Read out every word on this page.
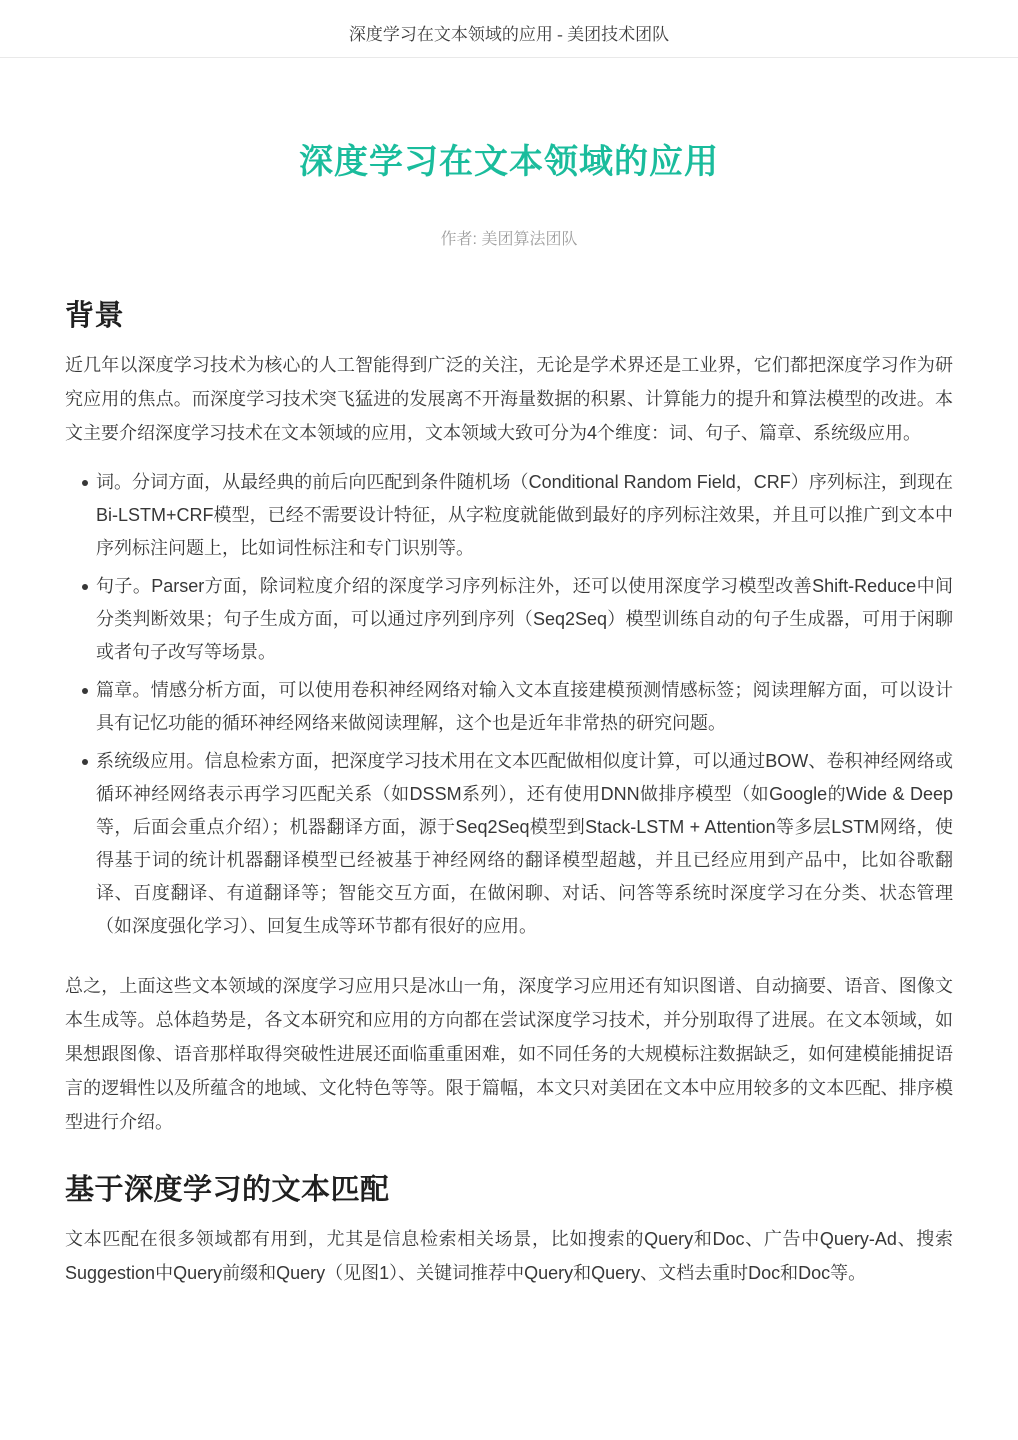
深度学习在文本领域的应用 - 美团技术团队
深度学习在文本领域的应用
作者: 美团算法团队
背景

近几年以深度学习技术为核心的人工智能得到广泛的关注，无论是学术界还是工业界，它们都把深度学习作为研究应用的焦点。而深度学习技术突飞猛进的发展离不开海量数据的积累、计算能力的提升和算法模型的改进。本文主要介绍深度学习技术在文本领域的应用，文本领域大致可分为4个维度：词、句子、篇章、系统级应用。

词。分词方面，从最经典的前后向匹配到条件随机场（Conditional Random Field，CRF）序列标注，到现在Bi-LSTM+CRF模型，已经不需要设计特征，从字粒度就能做到最好的序列标注效果，并且可以推广到文本中序列标注问题上，比如词性标注和专门识别等。
句子。Parser方面，除词粒度介绍的深度学习序列标注外，还可以使用深度学习模型改善Shift-Reduce中间分类判断效果；句子生成方面，可以通过序列到序列（Seq2Seq）模型训练自动的句子生成器，可用于闲聊或者句子改写等场景。
篇章。情感分析方面，可以使用卷积神经网络对输入文本直接建模预测情感标签；阅读理解方面，可以设计具有记忆功能的循环神经网络来做阅读理解，这个也是近年非常热的研究问题。
系统级应用。信息检索方面，把深度学习技术用在文本匹配做相似度计算，可以通过BOW、卷积神经网络或循环神经网络表示再学习匹配关系（如DSSM系列），还有使用DNN做排序模型（如Google的Wide & Deep等，后面会重点介绍）；机器翻译方面，源于Seq2Seq模型到Stack-LSTM + Attention等多层LSTM网络，使得基于词的统计机器翻译模型已经被基于神经网络的翻译模型超越，并且已经应用到产品中，比如谷歌翻译、百度翻译、有道翻译等；智能交互方面，在做闲聊、对话、问答等系统时深度学习在分类、状态管理（如深度强化学习）、回复生成等环节都有很好的应用。

总之，上面这些文本领域的深度学习应用只是冰山一角，深度学习应用还有知识图谱、自动摘要、语音、图像文本生成等。总体趋势是，各文本研究和应用的方向都在尝试深度学习技术，并分别取得了进展。在文本领域，如果想跟图像、语音那样取得突破性进展还面临重重困难，如不同任务的大规模标注数据缺乏，如何建模能捕捉语言的逻辑性以及所蕴含的地域、文化特色等等。限于篇幅，本文只对美团在文本中应用较多的文本匹配、排序模型进行介绍。

基于深度学习的文本匹配

文本匹配在很多领域都有用到，尤其是信息检索相关场景，比如搜索的Query和Doc、广告中Query-Ad、搜索Suggestion中Query前缀和Query（见图1）、关键词推荐中Query和Query、文档去重时Doc和Doc等。
